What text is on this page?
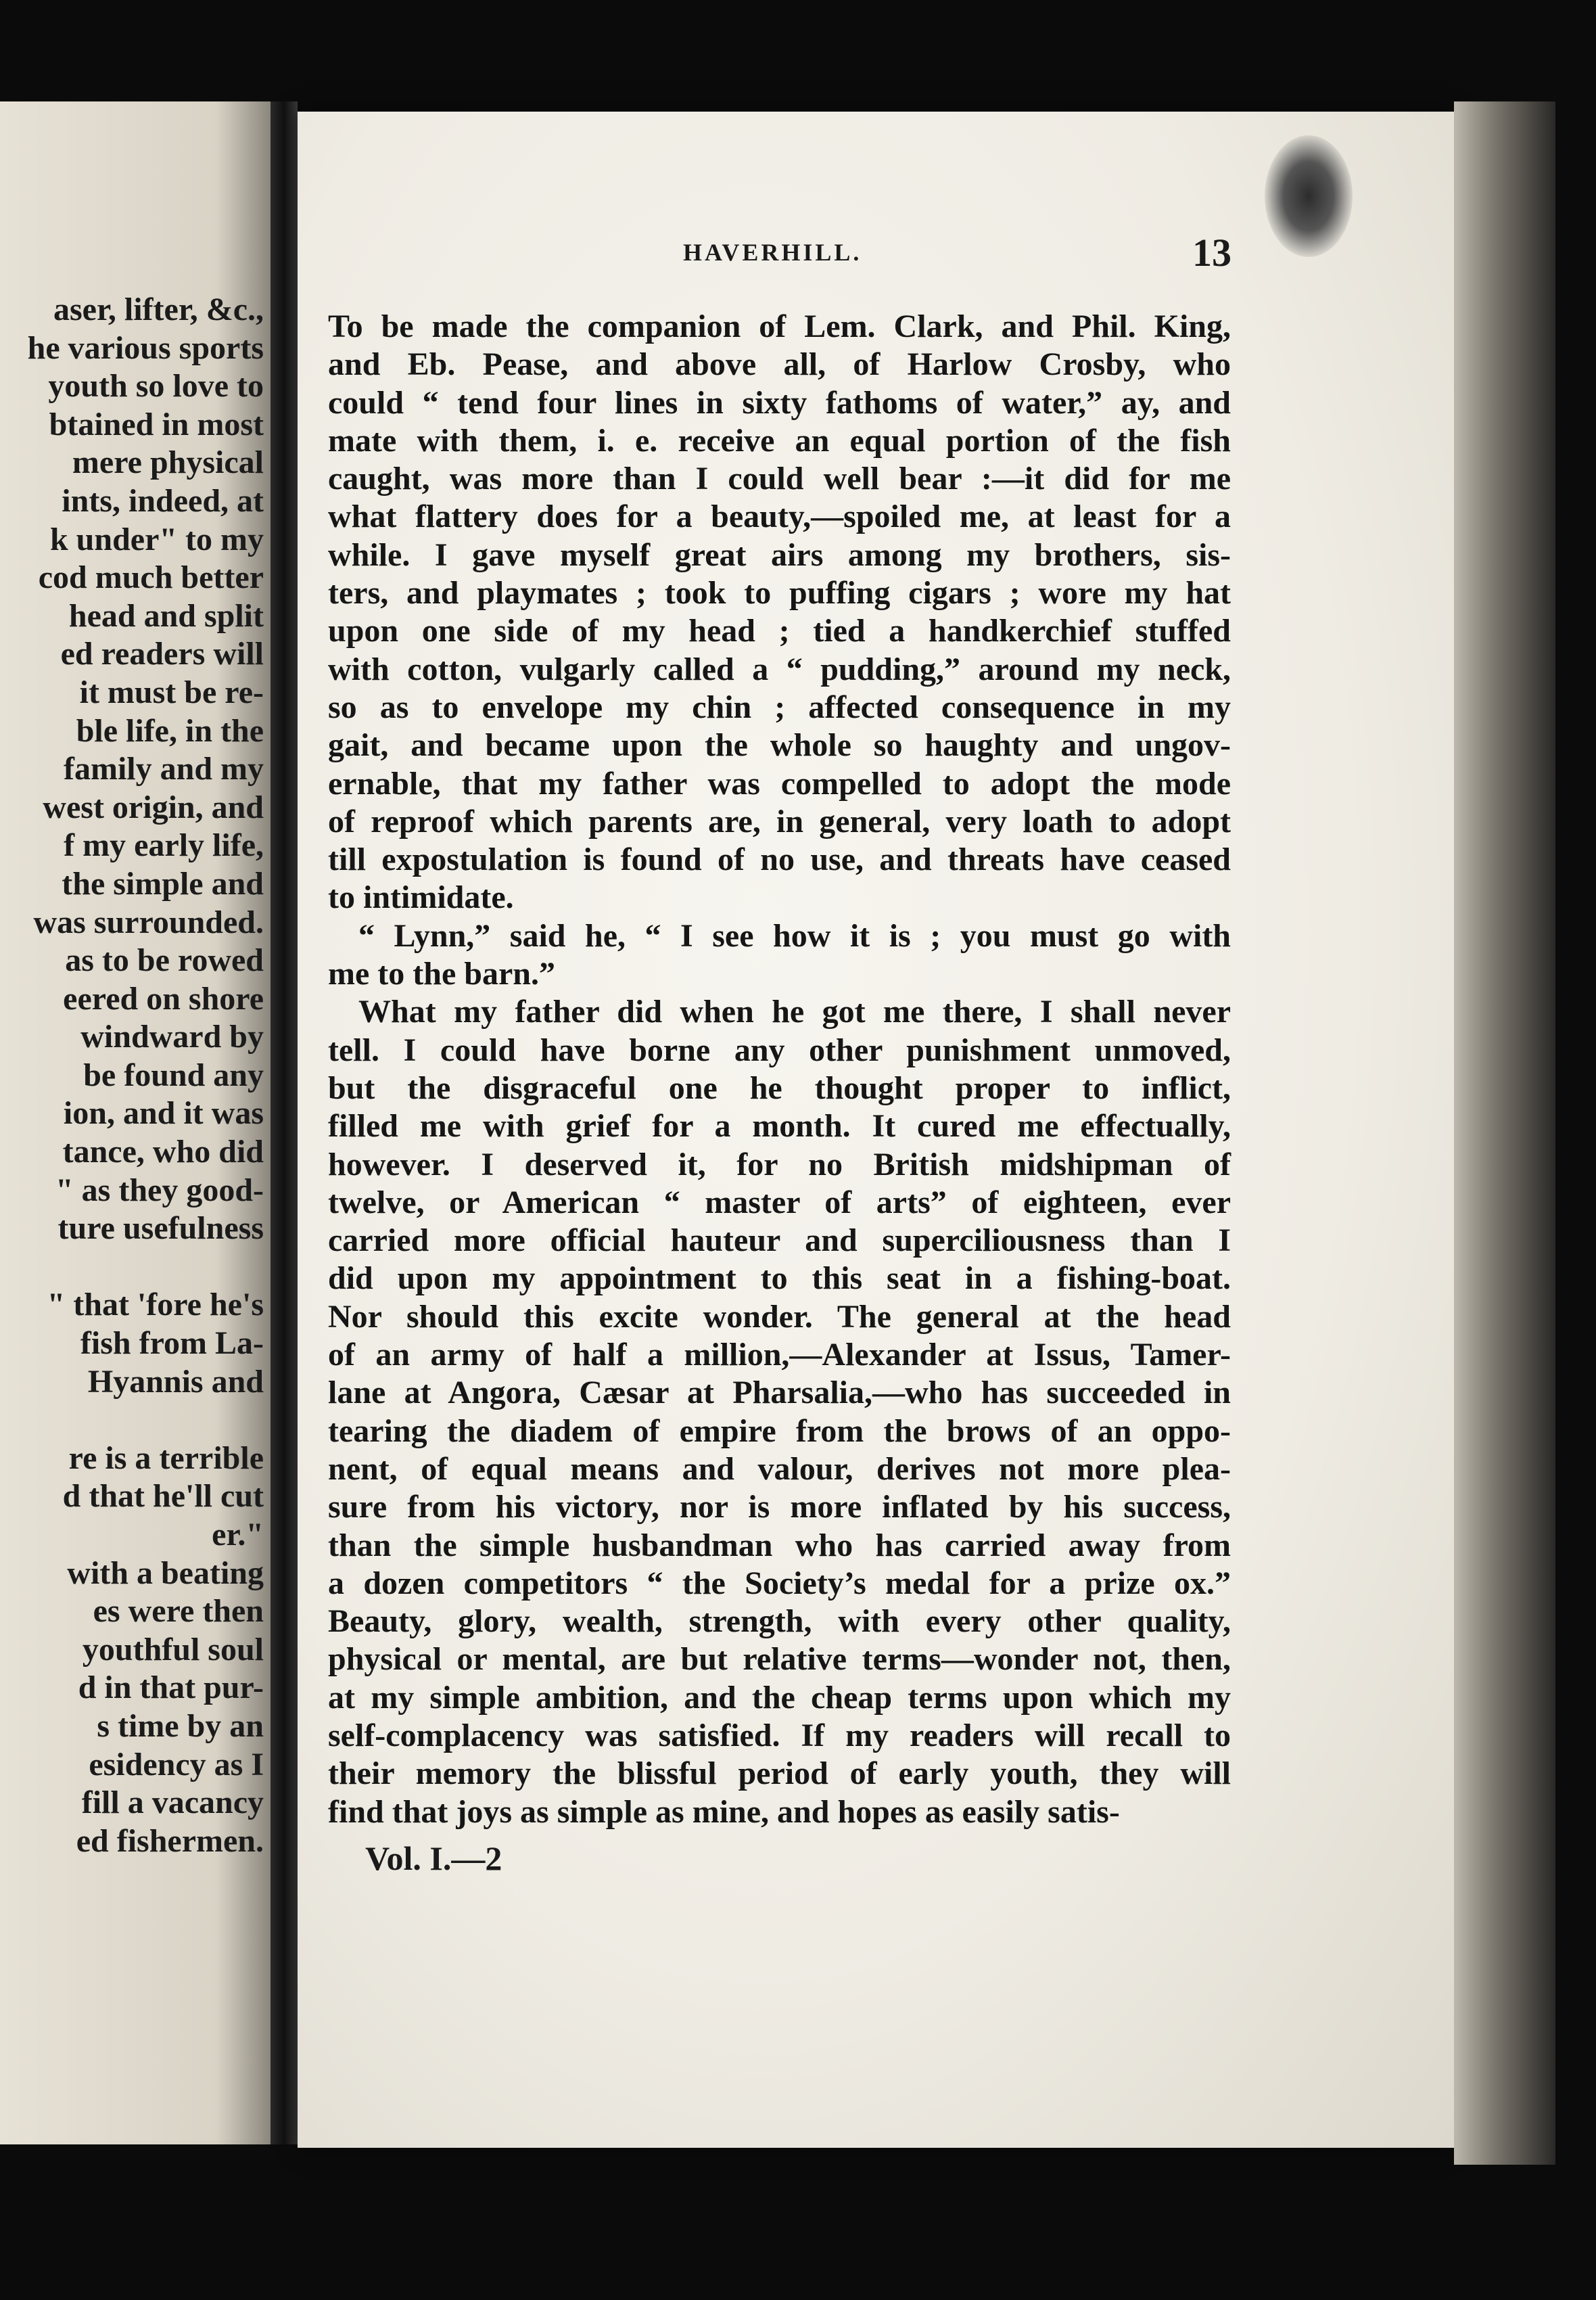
aser, lifter, &c.,
he various sports
youth so love to
btained in most
mere physical
ints, indeed, at
k under" to my
cod much better
head and split
ed readers will
it must be re-
ble life, in the
family and my
west origin, and
f my early life,
the simple and
was surrounded.
as to be rowed
eered on shore
windward by
be found any
ion, and it was
tance, who did
" as they good-
ture usefulness
" that 'fore he's
fish from La-
Hyannis and
re is a terrible
d that he'll cut
er."
with a beating
es were then
youthful soul
d in that pur-
s time by an
esidency as I
fill a vacancy
ed fishermen.
HAVERHILL.	13
To be made the companion of Lem. Clark, and Phil. King,
and Eb. Pease, and above all, of Harlow Crosby, who
could “ tend four lines in sixty fathoms of water,” ay, and
mate with them, i. e. receive an equal portion of the fish
caught, was more than I could well bear :—it did for me
what flattery does for a beauty,—spoiled me, at least for a
while. I gave myself great airs among my brothers, sis-
ters, and playmates ; took to puffing cigars ; wore my hat
upon one side of my head ; tied a handkerchief stuffed
with cotton, vulgarly called a “ pudding,” around my neck,
so as to envelope my chin ; affected consequence in my
gait, and became upon the whole so haughty and ungov-
ernable, that my father was compelled to adopt the mode
of reproof which parents are, in general, very loath to adopt
till expostulation is found of no use, and threats have ceased
to intimidate.
“ Lynn,” said he, “ I see how it is ; you must go with
me to the barn.”
What my father did when he got me there, I shall never
tell. I could have borne any other punishment unmoved,
but the disgraceful one he thought proper to inflict,
filled me with grief for a month. It cured me effectually,
however. I deserved it, for no British midshipman of
twelve, or American “ master of arts” of eighteen, ever
carried more official hauteur and superciliousness than I
did upon my appointment to this seat in a fishing-boat.
Nor should this excite wonder. The general at the head
of an army of half a million,—Alexander at Issus, Tamer-
lane at Angora, Cæsar at Pharsalia,—who has succeeded in
tearing the diadem of empire from the brows of an oppo-
nent, of equal means and valour, derives not more plea-
sure from his victory, nor is more inflated by his success,
than the simple husbandman who has carried away from
a dozen competitors “ the Society’s medal for a prize ox.”
Beauty, glory, wealth, strength, with every other quality,
physical or mental, are but relative terms—wonder not, then,
at my simple ambition, and the cheap terms upon which my
self-complacency was satisfied. If my readers will recall to
their memory the blissful period of early youth, they will
find that joys as simple as mine, and hopes as easily satis-
Vol. I.—2
